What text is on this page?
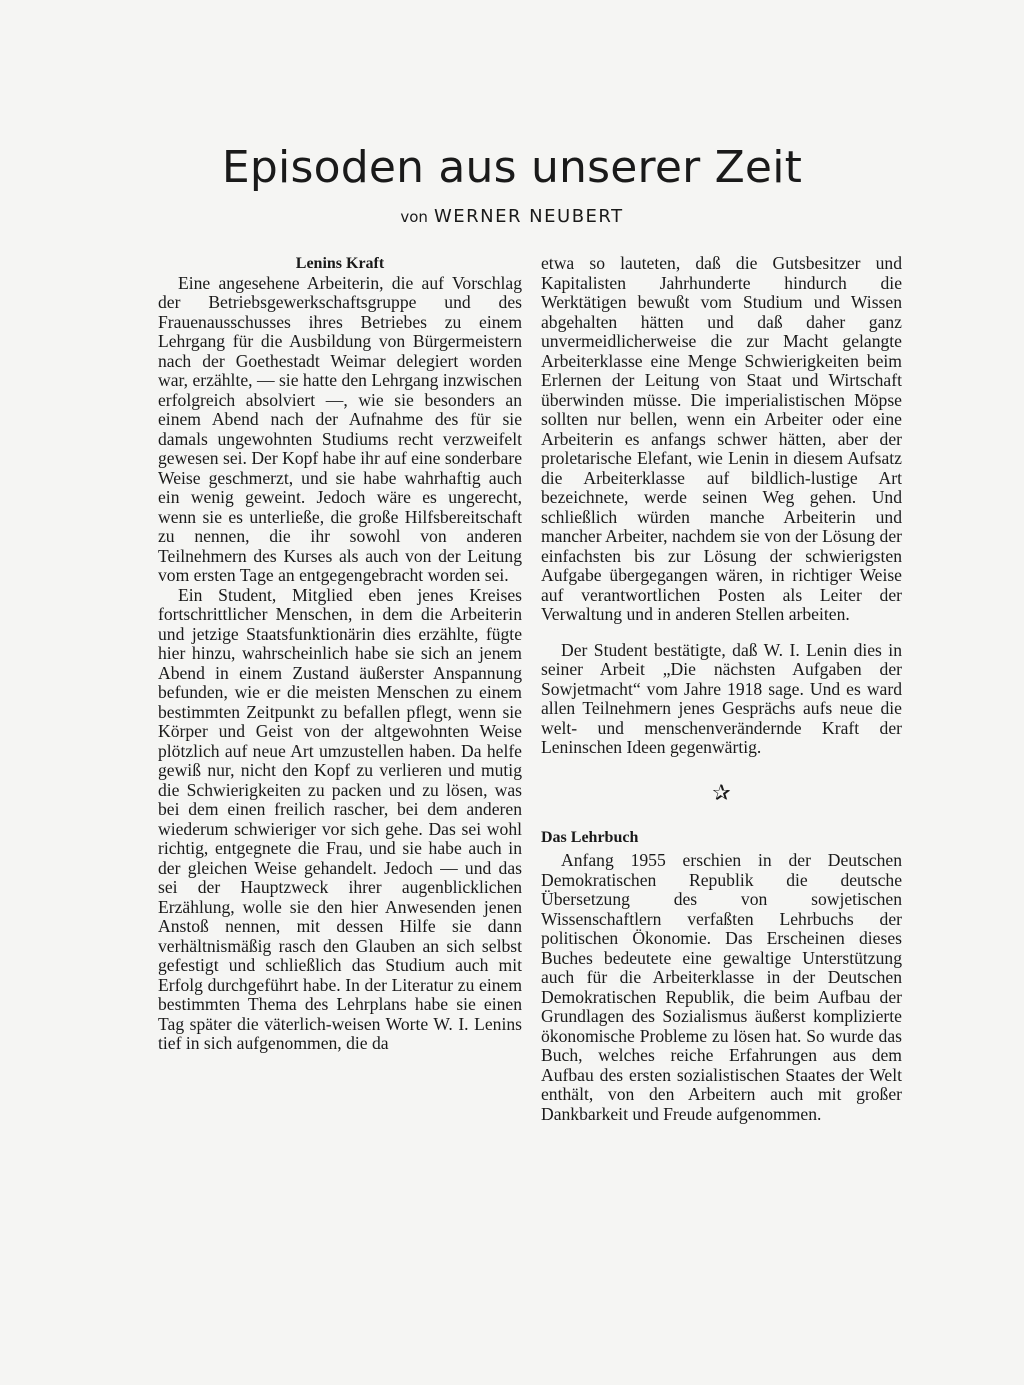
Episoden aus unserer Zeit
von WERNER NEUBERT
Lenins Kraft

Eine angesehene Arbeiterin, die auf Vorschlag der Betriebsgewerkschaftsgruppe und des Frauenausschusses ihres Betriebes zu einem Lehrgang für die Ausbildung von Bürgermeistern nach der Goethestadt Weimar delegiert worden war, erzählte, — sie hatte den Lehrgang inzwischen erfolgreich absolviert —, wie sie besonders an einem Abend nach der Aufnahme des für sie damals ungewohnten Studiums recht verzweifelt gewesen sei. Der Kopf habe ihr auf eine sonderbare Weise geschmerzt, und sie habe wahrhaftig auch ein wenig geweint. Jedoch wäre es ungerecht, wenn sie es unterließe, die große Hilfsbereitschaft zu nennen, die ihr sowohl von anderen Teilnehmern des Kurses als auch von der Leitung vom ersten Tage an entgegengebracht worden sei.

Ein Student, Mitglied eben jenes Kreises fortschrittlicher Menschen, in dem die Arbeiterin und jetzige Staatsfunktionärin dies erzählte, fügte hier hinzu, wahrscheinlich habe sie sich an jenem Abend in einem Zustand äußerster Anspannung befunden, wie er die meisten Menschen zu einem bestimmten Zeitpunkt zu befallen pflegt, wenn sie Körper und Geist von der altgewohnten Weise plötzlich auf neue Art umzustellen haben. Da helfe gewiß nur, nicht den Kopf zu verlieren und mutig die Schwierigkeiten zu packen und zu lösen, was bei dem einen freilich rascher, bei dem anderen wiederum schwieriger vor sich gehe. Das sei wohl richtig, entgegnete die Frau, und sie habe auch in der gleichen Weise gehandelt. Jedoch — und das sei der Hauptzweck ihrer augenblicklichen Erzählung, wolle sie den hier Anwesenden jenen Anstoß nennen, mit dessen Hilfe sie dann verhältnismäßig rasch den Glauben an sich selbst gefestigt und schließlich das Studium auch mit Erfolg durchgeführt habe. In der Literatur zu einem bestimmten Thema des Lehrplans habe sie einen Tag später die väterlich-weisen Worte W. I. Lenins tief in sich aufgenommen, die da

etwa so lauteten, daß die Gutsbesitzer und Kapitalisten Jahrhunderte hindurch die Werktätigen bewußt vom Studium und Wissen abgehalten hätten und daß daher ganz unvermeidlicherweise die zur Macht gelangte Arbeiterklasse eine Menge Schwierigkeiten beim Erlernen der Leitung von Staat und Wirtschaft überwinden müsse. Die imperialistischen Möpse sollten nur bellen, wenn ein Arbeiter oder eine Arbeiterin es anfangs schwer hätten, aber der proletarische Elefant, wie Lenin in diesem Aufsatz die Arbeiterklasse auf bildlich-lustige Art bezeichnete, werde seinen Weg gehen. Und schließlich würden manche Arbeiterin und mancher Arbeiter, nachdem sie von der Lösung der einfachsten bis zur Lösung der schwierigsten Aufgabe übergegangen wären, in richtiger Weise auf verantwortlichen Posten als Leiter der Verwaltung und in anderen Stellen arbeiten.

Der Student bestätigte, daß W. I. Lenin dies in seiner Arbeit „Die nächsten Aufgaben der Sowjetmacht“ vom Jahre 1918 sage. Und es ward allen Teilnehmern jenes Gesprächs aufs neue die welt- und menschenverändernde Kraft der Leninschen Ideen gegenwärtig.

✰
Das Lehrbuch

Anfang 1955 erschien in der Deutschen Demokratischen Republik die deutsche Übersetzung des von sowjetischen Wissenschaftlern verfaßten Lehrbuchs der politischen Ökonomie. Das Erscheinen dieses Buches bedeutete eine gewaltige Unterstützung auch für die Arbeiterklasse in der Deutschen Demokratischen Republik, die beim Aufbau der Grundlagen des Sozialismus äußerst komplizierte ökonomische Probleme zu lösen hat. So wurde das Buch, welches reiche Erfahrungen aus dem Aufbau des ersten sozialistischen Staates der Welt enthält, von den Arbeitern auch mit großer Dankbarkeit und Freude aufgenommen.
